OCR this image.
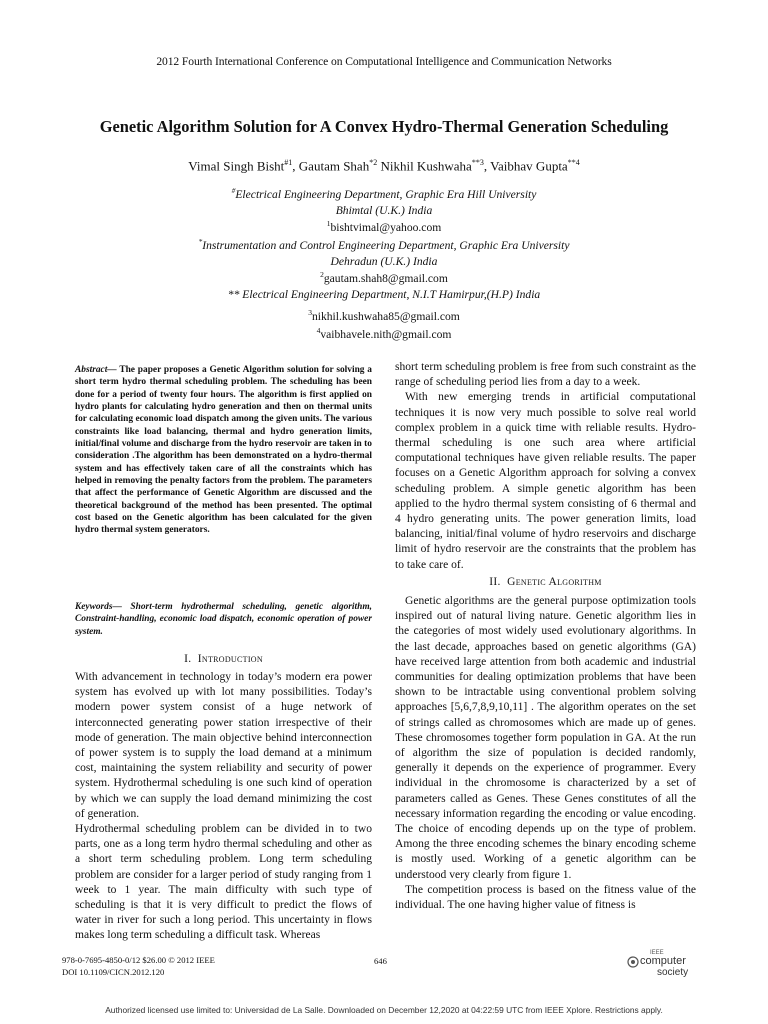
2012 Fourth International Conference on Computational Intelligence and Communication Networks
Genetic Algorithm Solution for A Convex Hydro-Thermal Generation Scheduling
Vimal Singh Bisht$^{\#1}$, Gautam Shah$^{*2}$ Nikhil Kushwaha$^{**3}$, Vaibhav Gupta$^{**4}$
#Electrical Engineering Department, Graphic Era Hill University
Bhimtal (U.K.) India
$^1$bishtvimal@yahoo.com
*Instrumentation and Control Engineering Department, Graphic Era University
Dehradun (U.K.) India
$^2$gautam.shah8@gmail.com
** Electrical Engineering Department, N.I.T Hamirpur,(H.P) India
$^3$nikhil.kushwaha85@gmail.com
$^4$vaibhavele.nith@gmail.com
Abstract— The paper proposes a Genetic Algorithm solution for solving a short term hydro thermal scheduling problem. The scheduling has been done for a period of twenty four hours. The algorithm is first applied on hydro plants for calculating hydro generation and then on thermal units for calculating economic load dispatch among the given units. The various constraints like load balancing, thermal and hydro generation limits, initial/final volume and discharge from the hydro reservoir are taken in to consideration .The algorithm has been demonstrated on a hydro-thermal system and has effectively taken care of all the constraints which has helped in removing the penalty factors from the problem. The parameters that affect the performance of Genetic Algorithm are discussed and the theoretical background of the method has been presented. The optimal cost based on the Genetic algorithm has been calculated for the given hydro thermal system generators.
Keywords— Short-term hydrothermal scheduling, genetic algorithm, Constraint-handling, economic load dispatch, economic operation of power system.
I. Introduction

With advancement in technology in today’s modern era power system has evolved up with lot many possibilities. Today’s modern power system consist of a huge network of interconnected generating power station irrespective of their mode of generation. The main objective behind interconnection of power system is to supply the load demand at a minimum cost, maintaining the system reliability and security of power system. Hydrothermal scheduling is one such kind of operation by which we can supply the load demand minimizing the cost of generation.

Hydrothermal scheduling problem can be divided in to two parts, one as a long term hydro thermal scheduling and other as a short term scheduling problem. Long term scheduling problem are consider for a larger period of study ranging from 1 week to 1 year. The main difficulty with such type of scheduling is that it is very difficult to predict the flows of water in river for such a long period. This uncertainty in flows makes long term scheduling a difficult task. Whereas

short term scheduling problem is free from such constraint as the range of scheduling period lies from a day to a week.

With new emerging trends in artificial computational techniques it is now very much possible to solve real world complex problem in a quick time with reliable results. Hydro-thermal scheduling is one such area where artificial computational techniques have given reliable results. The paper focuses on a Genetic Algorithm approach for solving a convex scheduling problem. A simple genetic algorithm has been applied to the hydro thermal system consisting of 6 thermal and 4 hydro generating units. The power generation limits, load balancing, initial/final volume of hydro reservoirs and discharge limit of hydro reservoir are the constraints that the problem has to take care of.

II. Genetic Algorithm

Genetic algorithms are the general purpose optimization tools inspired out of natural living nature. Genetic algorithm lies in the categories of most widely used evolutionary algorithms. In the last decade, approaches based on genetic algorithms (GA) have received large attention from both academic and industrial communities for dealing optimization problems that have been shown to be intractable using conventional problem solving approaches [5,6,7,8,9,10,11] . The algorithm operates on the set of strings called as chromosomes which are made up of genes. These chromosomes together form population in GA. At the run of algorithm the size of population is decided randomly, generally it depends on the experience of programmer. Every individual in the chromosome is characterized by a set of parameters called as Genes. These Genes constitutes of all the necessary information regarding the encoding or value encoding. The choice of encoding depends up on the type of problem. Among the three encoding schemes the binary encoding scheme is mostly used. Working of a genetic algorithm can be understood very clearly from figure 1.

The competition process is based on the fitness value of the individual. The one having higher value of fitness is

978-0-7695-4850-0/12 $26.00 © 2012 IEEE
DOI 10.1109/CICN.2012.120
646
IEEE
computer
society
Authorized licensed use limited to: Universidad de La Salle. Downloaded on December 12,2020 at 04:22:59 UTC from IEEE Xplore. Restrictions apply.
